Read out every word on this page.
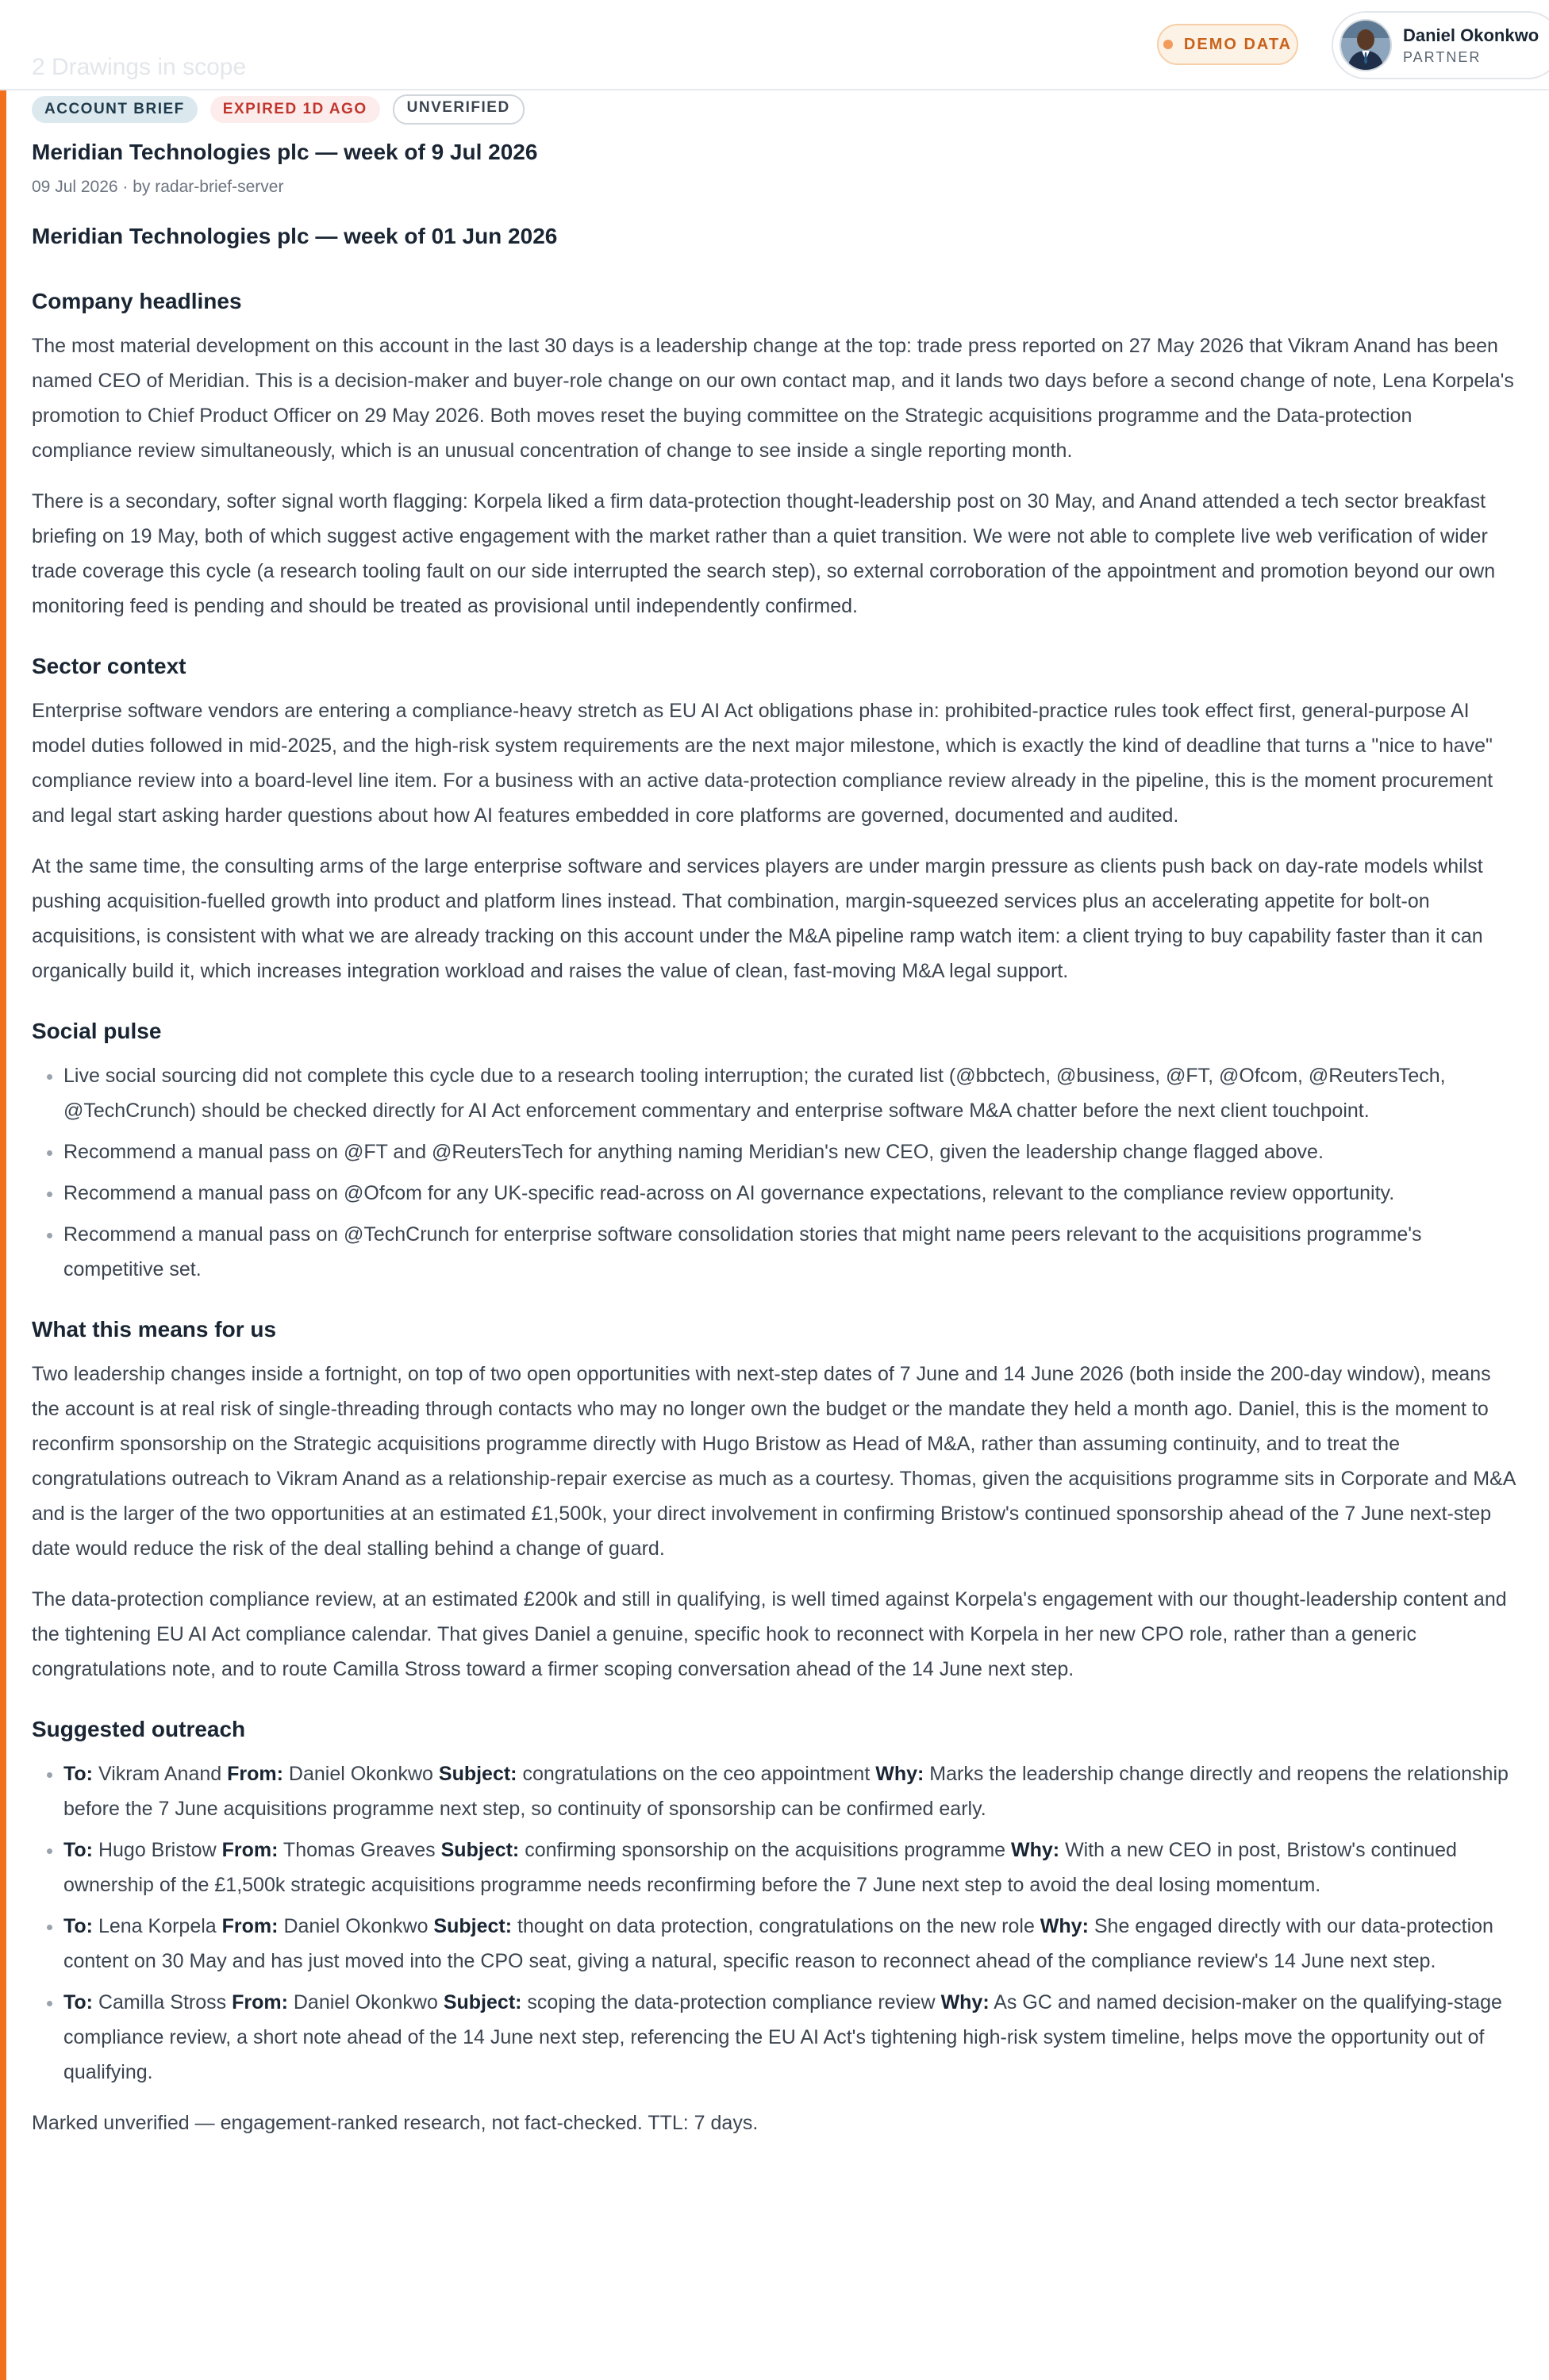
2 Drawings in scope
DEMO DATA	Daniel Okonkwo
PARTNER
ACCOUNT BRIEF	EXPIRED 1D AGO	UNVERIFIED
Meridian Technologies plc — week of 9 Jul 2026
09 Jul 2026 · by radar-brief-server
Meridian Technologies plc — week of 01 Jun 2026
Company headlines

The most material development on this account in the last 30 days is a leadership change at the top: trade press reported on 27 May 2026 that Vikram Anand has been named CEO of Meridian. This is a decision-maker and buyer-role change on our own contact map, and it lands two days before a second change of note, Lena Korpela's promotion to Chief Product Officer on 29 May 2026. Both moves reset the buying committee on the Strategic acquisitions programme and the Data-protection compliance review simultaneously, which is an unusual concentration of change to see inside a single reporting month.

There is a secondary, softer signal worth flagging: Korpela liked a firm data-protection thought-leadership post on 30 May, and Anand attended a tech sector breakfast briefing on 19 May, both of which suggest active engagement with the market rather than a quiet transition. We were not able to complete live web verification of wider trade coverage this cycle (a research tooling fault on our side interrupted the search step), so external corroboration of the appointment and promotion beyond our own monitoring feed is pending and should be treated as provisional until independently confirmed.

Sector context

Enterprise software vendors are entering a compliance-heavy stretch as EU AI Act obligations phase in: prohibited-practice rules took effect first, general-purpose AI model duties followed in mid-2025, and the high-risk system requirements are the next major milestone, which is exactly the kind of deadline that turns a "nice to have" compliance review into a board-level line item. For a business with an active data-protection compliance review already in the pipeline, this is the moment procurement and legal start asking harder questions about how AI features embedded in core platforms are governed, documented and audited.

At the same time, the consulting arms of the large enterprise software and services players are under margin pressure as clients push back on day-rate models whilst pushing acquisition-fuelled growth into product and platform lines instead. That combination, margin-squeezed services plus an accelerating appetite for bolt-on acquisitions, is consistent with what we are already tracking on this account under the M&A pipeline ramp watch item: a client trying to buy capability faster than it can organically build it, which increases integration workload and raises the value of clean, fast-moving M&A legal support.

Social pulse
• Live social sourcing did not complete this cycle due to a research tooling interruption; the curated list (@bbctech, @business, @FT, @Ofcom, @ReutersTech, @TechCrunch) should be checked directly for AI Act enforcement commentary and enterprise software M&A chatter before the next client touchpoint.
• Recommend a manual pass on @FT and @ReutersTech for anything naming Meridian's new CEO, given the leadership change flagged above.
• Recommend a manual pass on @Ofcom for any UK-specific read-across on AI governance expectations, relevant to the compliance review opportunity.
• Recommend a manual pass on @TechCrunch for enterprise software consolidation stories that might name peers relevant to the acquisitions programme's competitive set.
What this means for us

Two leadership changes inside a fortnight, on top of two open opportunities with next-step dates of 7 June and 14 June 2026 (both inside the 200-day window), means the account is at real risk of single-threading through contacts who may no longer own the budget or the mandate they held a month ago. Daniel, this is the moment to reconfirm sponsorship on the Strategic acquisitions programme directly with Hugo Bristow as Head of M&A, rather than assuming continuity, and to treat the congratulations outreach to Vikram Anand as a relationship-repair exercise as much as a courtesy. Thomas, given the acquisitions programme sits in Corporate and M&A and is the larger of the two opportunities at an estimated £1,500k, your direct involvement in confirming Bristow's continued sponsorship ahead of the 7 June next-step date would reduce the risk of the deal stalling behind a change of guard.

The data-protection compliance review, at an estimated £200k and still in qualifying, is well timed against Korpela's engagement with our thought-leadership content and the tightening EU AI Act compliance calendar. That gives Daniel a genuine, specific hook to reconnect with Korpela in her new CPO role, rather than a generic congratulations note, and to route Camilla Stross toward a firmer scoping conversation ahead of the 14 June next step.

Suggested outreach
• To: Vikram Anand From: Daniel Okonkwo Subject: congratulations on the ceo appointment Why: Marks the leadership change directly and reopens the relationship before the 7 June acquisitions programme next step, so continuity of sponsorship can be confirmed early.
• To: Hugo Bristow From: Thomas Greaves Subject: confirming sponsorship on the acquisitions programme Why: With a new CEO in post, Bristow's continued ownership of the £1,500k strategic acquisitions programme needs reconfirming before the 7 June next step to avoid the deal losing momentum.
• To: Lena Korpela From: Daniel Okonkwo Subject: thought on data protection, congratulations on the new role Why: She engaged directly with our data-protection content on 30 May and has just moved into the CPO seat, giving a natural, specific reason to reconnect ahead of the compliance review's 14 June next step.
• To: Camilla Stross From: Daniel Okonkwo Subject: scoping the data-protection compliance review Why: As GC and named decision-maker on the qualifying-stage compliance review, a short note ahead of the 14 June next step, referencing the EU AI Act's tightening high-risk system timeline, helps move the opportunity out of qualifying.
Marked unverified — engagement-ranked research, not fact-checked. TTL: 7 days.
